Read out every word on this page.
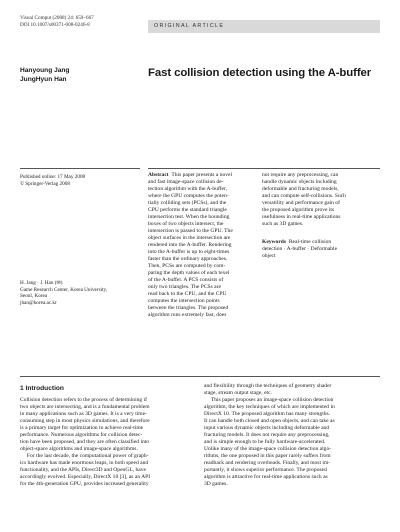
Visual Comput (2008) 24: 659–667
DOI 10.1007/s00371-008-0246-8	ORIGINAL ARTICLE
Hanyoung Jang
JungHyun Han
Fast collision detection using the A-buffer
Published online: 17 May 2008
© Springer-Verlag 2008
H. Jang · J. Han (✉)
Game Research Center, Korea University,
Seoul, Korea
jhan@korea.ac.kr
Abstract  This paper presents a novel
and fast image-space collision de-
tection algorithm with the A-buffer,
where the GPU computes the poten-
tially colliding sets (PCSs), and the
CPU performs the standard triangle
intersection test. When the bounding
boxes of two objects intersect, the
intersection is passed to the GPU. The
object surfaces in the intersection are
rendered into the A-buffer. Rendering
into the A-buffer is up to eight-times
faster than the ordinary approaches.
Then, PCSs are computed by com-
paring the depth values of each texel
of the A-buffer. A PCS consists of
only two triangles. The PCSs are
read back to the CPU, and the CPU
computes the intersection points
between the triangles. The proposed
algorithm runs extremely fast, does
not require any preprocessing, can
handle dynamic objects including
deformable and fracturing models,
and can compute self-collisions. Such
versatility and performance gain of
the proposed algorithm prove its
usefulness in real-time applications
such as 3D games.
Keywords  Real-time collision
detection · A-buffer · Deformable
object
1 Introduction
Collision detection refers to the process of determining if
two objects are intersecting, and is a fundamental problem
in many applications such as 3D games. It is a very time-
consuming step in most physics simulations, and therefore
is a primary target for optimization to achieve real-time
performance. Numerous algorithms for collision detec-
tion have been proposed, and they are often classified into
object-space algorithms and image-space algorithms.
For the last decade, the computational power of graph-
ics hardware has made enormous leaps, in both speed and
functionality, and the APIs, Direct3D and OpenGL, have
accordingly evolved. Especially, DirectX 10 [3], as an API
for the 4th-generation GPU, provides increased generality
and flexibility through the techniques of geometry shader
stage, stream output stage, etc.
This paper proposes an image-space collision detection
algorithm, the key techniques of which are implemented in
DirectX 10. The proposed algorithm has many strengths.
It can handle both closed and open objects, and can take as
input various dynamic objects including deformable and
fracturing models. It does not require any preprocessing,
and is simple enough to be fully hardware-accelerated.
Unlike many of the image-space collision detection algo-
rithms, the one proposed in this paper rarely suffers from
readback and rendering overheads. Finally, and most im-
portantly, it shows superior performance. The proposed
algorithm is attractive for real-time applications such as
3D games.
